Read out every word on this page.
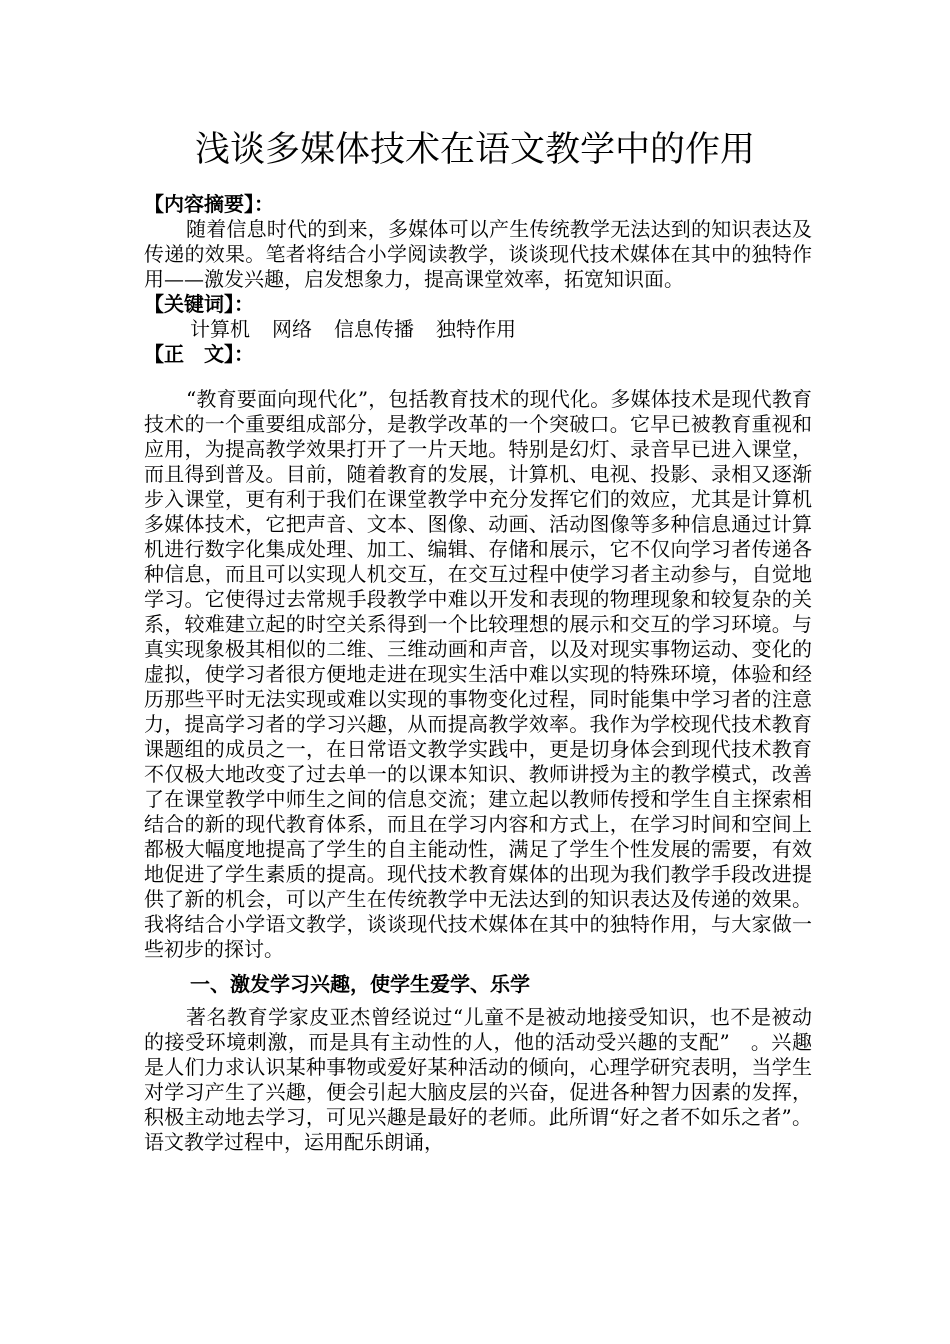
浅谈多媒体技术在语文教学中的作用

【内容摘要】：

随着信息时代的到来，多媒体可以产生传统教学无法达到的知识表达及传递的效果。笔者将结合小学阅读教学，谈谈现代技术媒体在其中的独特作用——激发兴趣，启发想象力，提高课堂效率，拓宽知识面。

【关键词】：

计算机 网络 信息传播 独特作用

【正　文】：

“教育要面向现代化”，包括教育技术的现代化。多媒体技术是现代教育技术的一个重要组成部分，是教学改革的一个突破口。它早已被教育重视和应用，为提高教学效果打开了一片天地。特别是幻灯、录音早已进入课堂，而且得到普及。目前，随着教育的发展，计算机、电视、投影、录相又逐渐步入课堂，更有利于我们在课堂教学中充分发挥它们的效应，尤其是计算机多媒体技术，它把声音、文本、图像、动画、活动图像等多种信息通过计算机进行数字化集成处理、加工、编辑、存储和展示，它不仅向学习者传递各种信息，而且可以实现人机交互，在交互过程中使学习者主动参与，自觉地学习。它使得过去常规手段教学中难以开发和表现的物理现象和较复杂的关系，较难建立起的时空关系得到一个比较理想的展示和交互的学习环境。与真实现象极其相似的二维、三维动画和声音，以及对现实事物运动、变化的虚拟，使学习者很方便地走进在现实生活中难以实现的特殊环境，体验和经历那些平时无法实现或难以实现的事物变化过程，同时能集中学习者的注意力，提高学习者的学习兴趣，从而提高教学效率。我作为学校现代技术教育课题组的成员之一，在日常语文教学实践中，更是切身体会到现代技术教育不仅极大地改变了过去单一的以课本知识、教师讲授为主的教学模式，改善了在课堂教学中师生之间的信息交流；建立起以教师传授和学生自主探索相结合的新的现代教育体系，而且在学习内容和方式上，在学习时间和空间上都极大幅度地提高了学生的自主能动性，满足了学生个性发展的需要，有效地促进了学生素质的提高。现代技术教育媒体的出现为我们教学手段改进提供了新的机会，可以产生在传统教学中无法达到的知识表达及传递的效果。我将结合小学语文教学，谈谈现代技术媒体在其中的独特作用，与大家做一些初步的探讨。

一、激发学习兴趣，使学生爱学、乐学

著名教育学家皮亚杰曾经说过“儿童不是被动地接受知识，也不是被动的接受环境刺激，而是具有主动性的人，他的活动受兴趣的支配”　。兴趣是人们力求认识某种事物或爱好某种活动的倾向，心理学研究表明，当学生对学习产生了兴趣，便会引起大脑皮层的兴奋，促进各种智力因素的发挥，积极主动地去学习，可见兴趣是最好的老师。此所谓“好之者不如乐之者”。语文教学过程中，运用配乐朗诵，
